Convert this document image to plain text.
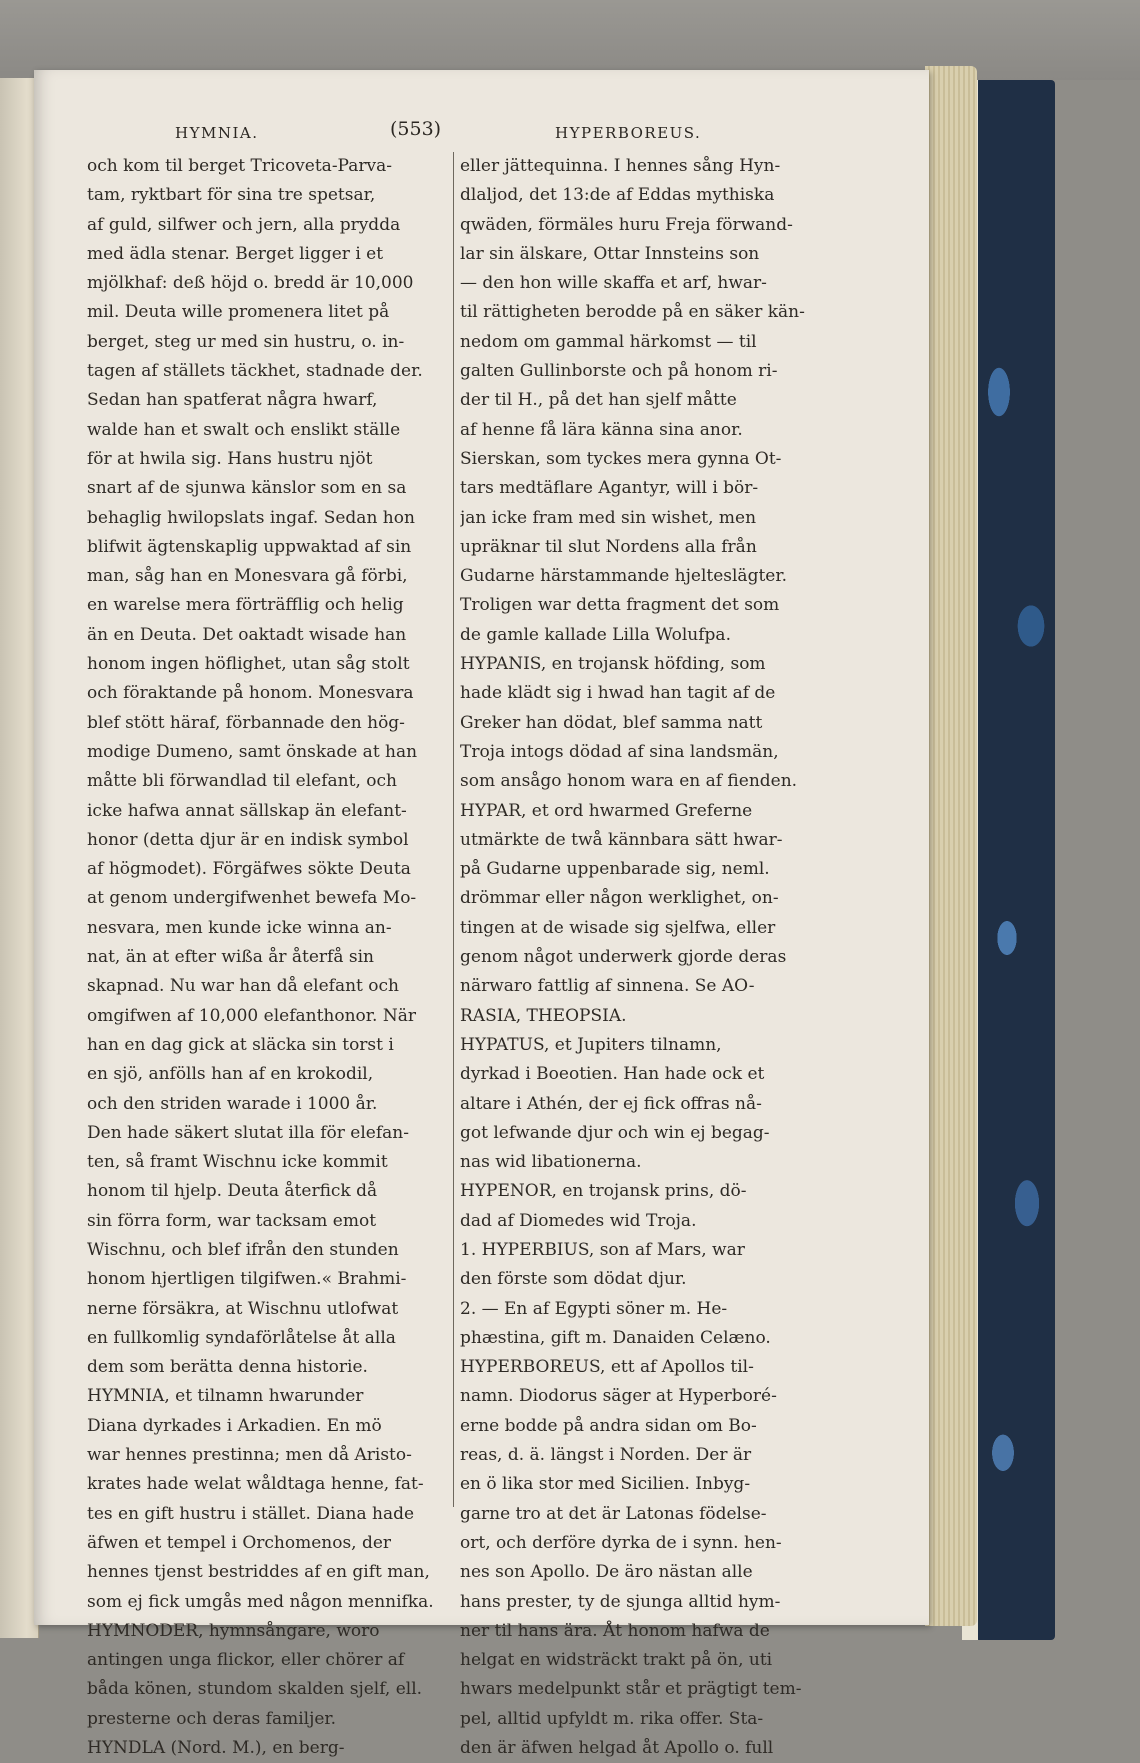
HYMNIA.	(553)	HYPERBOREUS.
och kom til berget Tricoveta-Parva-
tam, ryktbart för sina tre spetsar,
af guld, silfwer och jern, alla prydda
med ädla stenar. Berget ligger i et
mjölkhaf: deß höjd o. bredd är 10,000
mil. Deuta wille promenera litet på
berget, steg ur med sin hustru, o. in-
tagen af ställets täckhet, stadnade der.
Sedan han spatferat några hwarf,
walde han et swalt och enslikt ställe
för at hwila sig. Hans hustru njöt
snart af de sjunwa känslor som en sa
behaglig hwilopslats ingaf. Sedan hon
blifwit ägtenskaplig uppwaktad af sin
man, såg han en Monesvara gå förbi,
en warelse mera förträfflig och helig
än en Deuta. Det oaktadt wisade han
honom ingen höflighet, utan såg stolt
och föraktande på honom. Monesvara
blef stött häraf, förbannade den hög-
modige Dumeno, samt önskade at han
måtte bli förwandlad til elefant, och
icke hafwa annat sällskap än elefant-
honor (detta djur är en indisk symbol
af högmodet). Förgäfwes sökte Deuta
at genom undergifwenhet bewefa Mo-
nesvara, men kunde icke winna an-
nat, än at efter wißa år återfå sin
skapnad. Nu war han då elefant och
omgifwen af 10,000 elefanthonor. När
han en dag gick at släcka sin torst i
en sjö, anfölls han af en krokodil,
och den striden warade i 1000 år.
Den hade säkert slutat illa för elefan-
ten, så framt Wischnu icke kommit
honom til hjelp. Deuta återfick då
sin förra form, war tacksam emot
Wischnu, och blef ifrån den stunden
honom hjertligen tilgifwen.« Brahmi-
nerne försäkra, at Wischnu utlofwat
en fullkomlig syndaförlåtelse åt alla
dem som berätta denna historie.
HYMNIA, et tilnamn hwarunder
Diana dyrkades i Arkadien. En mö
war hennes prestinna; men då Aristo-
krates hade welat wåldtaga henne, fat-
tes en gift hustru i stället. Diana hade
äfwen et tempel i Orchomenos, der
hennes tjenst bestriddes af en gift man,
som ej fick umgås med någon mennifka.
HYMNODER, hymnsångare, woro
antingen unga flickor, eller chörer af
båda könen, stundom skalden sjelf, ell.
presterne och deras familjer.
HYNDLA (Nord. M.), en berg-
eller jättequinna. I hennes sång Hyn-
dlaljod, det 13:de af Eddas mythiska
qwäden, förmäles huru Freja förwand-
lar sin älskare, Ottar Innsteins son
— den hon wille skaffa et arf, hwar-
til rättigheten berodde på en säker kän-
nedom om gammal härkomst — til
galten Gullinborste och på honom ri-
der til H., på det han sjelf måtte
af henne få lära känna sina anor.
Sierskan, som tyckes mera gynna Ot-
tars medtäflare Agantyr, will i bör-
jan icke fram med sin wishet, men
upräknar til slut Nordens alla från
Gudarne härstammande hjelteslägter.
Troligen war detta fragment det som
de gamle kallade Lilla Wolufpa.
HYPANIS, en trojansk höfding, som
hade klädt sig i hwad han tagit af de
Greker han dödat, blef samma natt
Troja intogs dödad af sina landsmän,
som ansågo honom wara en af fienden.
HYPAR, et ord hwarmed Greferne
utmärkte de twå kännbara sätt hwar-
på Gudarne uppenbarade sig, neml.
drömmar eller någon werklighet, on-
tingen at de wisade sig sjelfwa, eller
genom något underwerk gjorde deras
närwaro fattlig af sinnena. Se AO-
RASIA, THEOPSIA.
HYPATUS, et Jupiters tilnamn,
dyrkad i Boeotien. Han hade ock et
altare i Athén, der ej fick offras nå-
got lefwande djur och win ej begag-
nas wid libationerna.
HYPENOR, en trojansk prins, dö-
dad af Diomedes wid Troja.
1. HYPERBIUS, son af Mars, war
den förste som dödat djur.
2. — En af Egypti söner m. He-
phæstina, gift m. Danaiden Celæno.
HYPERBOREUS, ett af Apollos til-
namn. Diodorus säger at Hyperboré-
erne bodde på andra sidan om Bo-
reas, d. ä. längst i Norden. Der är
en ö lika stor med Sicilien. Inbyg-
garne tro at det är Latonas födelse-
ort, och derföre dyrka de i synn. hen-
nes son Apollo. De äro nästan alle
hans prester, ty de sjunga alltid hym-
ner til hans ära. Åt honom hafwa de
helgat en widsträckt trakt på ön, uti
hwars medelpunkt står et prägtigt tem-
pel, alltid upfyldt m. rika offer. Sta-
den är äfwen helgad åt Apollo o. full
